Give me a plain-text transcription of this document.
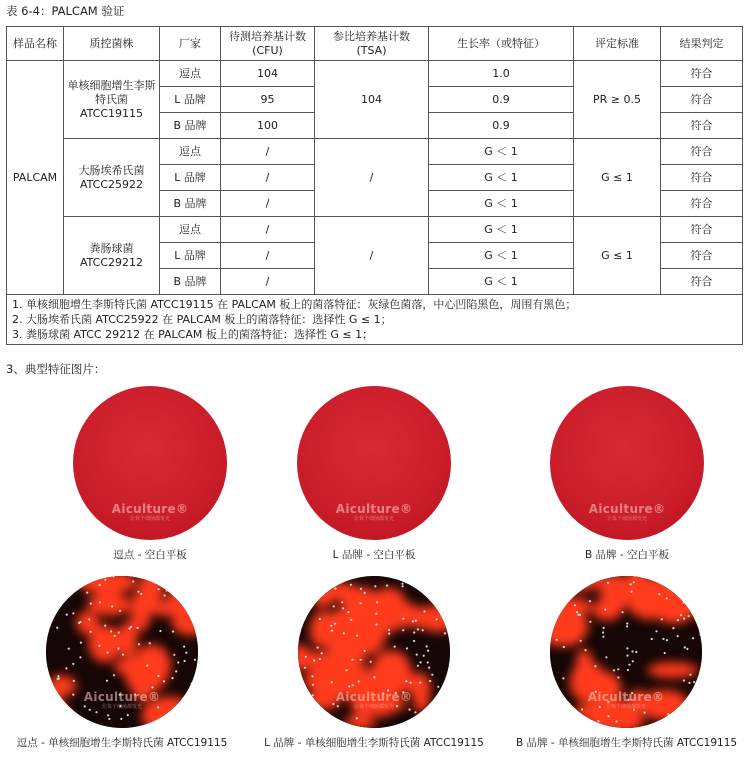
表 6-4：PALCAM 验证
样品名称	质控菌株	厂家	待测培养基计数 (CFU)	参比培养基计数 (TSA)	生长率（或特征）	评定标准	结果判定
PALCAM	单核细胞增生李斯特氏菌 ATCC19115	逗点	104	104	1.0	PR ≥ 0.5	符合
		L 品牌	95		0.9		符合
		B 品牌	100		0.9		符合
	大肠埃希氏菌 ATCC25922	逗点	/	/	G ＜ 1	G ≤ 1	符合
		L 品牌	/		G ＜ 1		符合
		B 品牌	/		G ＜ 1		符合
	粪肠球菌 ATCC29212	逗点	/	/	G ＜ 1	G ≤ 1	符合
		L 品牌	/		G ＜ 1		符合
		B 品牌	/		G ＜ 1		符合

1. 单核细胞增生李斯特氏菌 ATCC19115 在 PALCAM 板上的菌落特征：灰绿色菌落，中心凹陷黑色，周围有黑色；
2. 大肠埃希氏菌 ATCC25922 在 PALCAM 板上的菌落特征：选择性 G ≤ 1；
3. 粪肠球菌 ATCC 29212 在 PALCAM 板上的菌落特征：选择性 G ≤ 1；							
3、典型特征图片：
Aiculture®
让每个细菌都发光
逗点 - 空白平板
Aiculture®
让每个细菌都发光
L 品牌 - 空白平板
Aiculture®
让每个细菌都发光
B 品牌 - 空白平板
Aiculture®
让每个细菌都发光
逗点 - 单核细胞增生李斯特氏菌 ATCC19115
Aiculture®
让每个细菌都发光
L 品牌 - 单核细胞增生李斯特氏菌 ATCC19115
Aiculture®
让每个细菌都发光
B 品牌 - 单核细胞增生李斯特氏菌 ATCC19115
